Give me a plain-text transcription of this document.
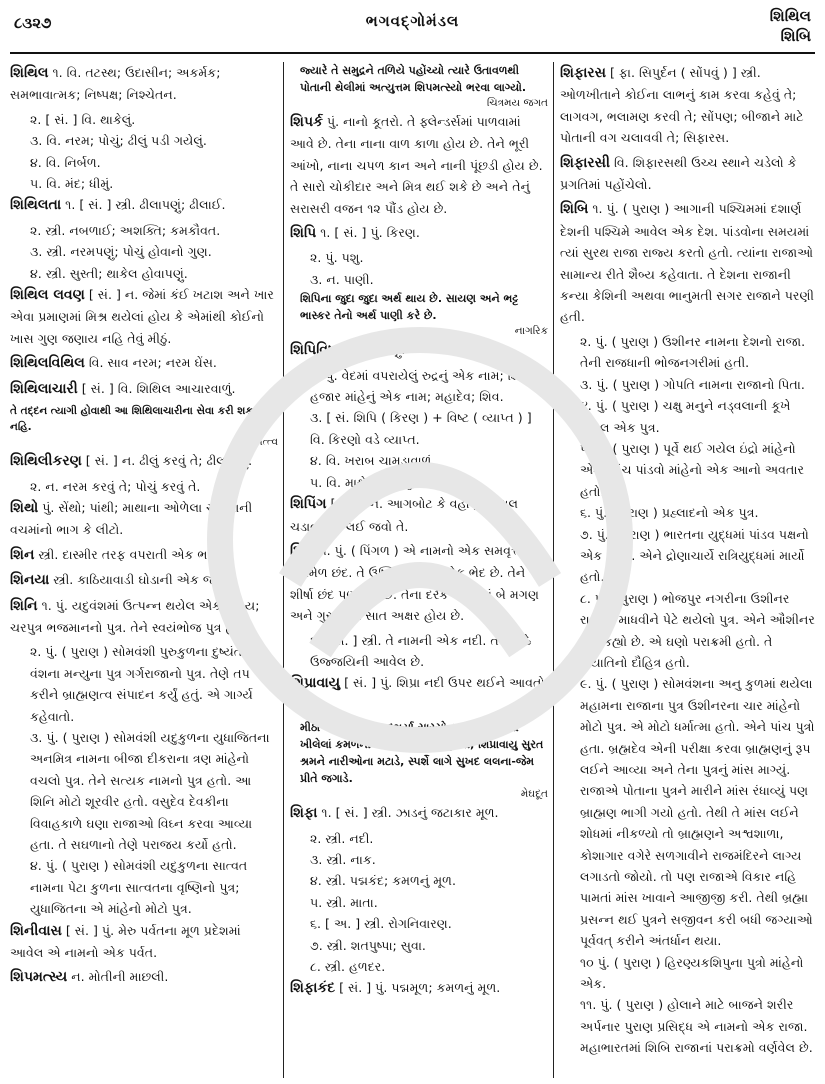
૮૩૨૭	ભગવદ્ગોમંડલ	શિથિલ
શિબિ

શિથિલ ૧. વિ. તટસ્થ; ઉદાસીન; અકર્મક; સમભાવાત્મક; નિષ્પક્ષ; નિશ્ચેતન.

૨. [ સં. ] વિ. થાકેલું.

૩. વિ. નરમ; પોચું; ઢીલું પડી ગયેલું.

૪. વિ. નિર્બળ.

૫. વિ. મંદ; ધીમું.

શિથિલતા ૧. [ સં. ] સ્ત્રી. ઢીલાપણું; ઢીલાઈ.

૨. સ્ત્રી. નબળાઈ; અશક્તિ; કમકૌવત.

૩. સ્ત્રી. નરમપણું; પોચું હોવાનો ગુણ.

૪. સ્ત્રી. સુસ્તી; થાકેલ હોવાપણું.

શિથિલ લવણ [ સં. ] ન. જેમાં કંઈ ખટાશ અને ખાર એવા પ્રમાણમાં મિશ્ર થયેલાં હોય કે એમાંથી કોઈનો ખાસ ગુણ જણાય નહિ તેવું મીઠું.

શિથિલવિથિલ વિ. સાવ નરમ; નરમ ઘેંસ.

શિથિલાચારી [ સં. ] વિ. શિથિલ આચારવાળું.

તે તદ્દન ત્યાગી હોવાથી આ શિથિલાચારીના સેવા કરી શકત નહિ.

પુરાતત્ત્વ

શિથિલીકરણ [ સં. ] ન. ઢીલું કરવું તે; ઢીલાપણું.

૨. ન. નરમ કરવું તે; પોચું કરવું તે.

શિથો પું. સેંથો; પાંથી; માથાના ઓળેલા ચોટલાની વચમાંનો ભાગ કે લીટો.

શિન સ્ત્રી. દાસ્મીર તરફ વપરાતી એક ભાષા.

શિનયા સ્ત્રી. કાઠિયાવાડી ઘોડાની એક જાત.

શિનિ ૧. પું. યદુવંશમાં ઉત્પન્ન થયેલ એક ક્ષત્રિય; ચરપુત્ર ભજમાનનો પુત્ર. તેને સ્વયંભોજ પુત્ર હતો.

૨. પું. ( પુરાણ ) સોમવંશી પુરુકુળના દુષ્યંતના વંશના મન્યુના પુત્ર ગર્ગરાજાનો પુત્ર. તેણે તપ કરીને બ્રાહ્મણત્વ સંપાદન કર્યું હતું. એ ગાર્ગ્ય કહેવાતો.

૩. પું. ( પુરાણ ) સોમવંશી યદુકુળના યુધાજિતના અનમિત્ર નામના બીજા દીકરાના ત્રણ માંહેનો વચલો પુત્ર. તેને સત્યક નામનો પુત્ર હતો. આ શિનિ મોટો શૂરવીર હતો. વસુદેવ દેવકીના વિવાહકાળે ઘણા રાજાઓ વિઘ્ન કરવા આવ્યા હતા. તે સઘળાનો તેણે પરાજય કર્યો હતો.

૪. પું. ( પુરાણ ) સોમવંશી યદુકુળના સાત્વત નામના પેટા કુળના સાત્વતના વૃષ્ણિનો પુત્ર; યુધાજિતના એ માંહેનો મોટો પુત્ર.

શિનીવાસ [ સં. ] પું. મેરુ પર્વતના મૂળ પ્રદેશમાં આવેલ એ નામનો એક પર્વત.

શિપમત્સ્ય ન. મોતીની માછલી.

જ્યારે તે સમુદ્રને તળિયે પહોંચ્યો ત્યારે ઉતાવળથી પોતાની થેલીમાં અત્યુત્તમ શિપમત્સ્યો ભરવા લાગ્યો.

ચિત્રમય જગત

શિપર્ક પું. નાનો કૂતરો. તે ફ્લેન્ડર્સમાં પાળવામાં આવે છે. તેના નાના વાળ કાળા હોય છે. તેને ભૂરી આંખો, નાના ચપળ કાન અને નાની પૂંછડી હોય છે. તે સારો ચોકીદાર અને મિત્ર થઈ શકે છે અને તેનું સરાસરી વજન ૧૨ પૌંડ હોય છે.

શિપિ ૧. [ સં. ] પું. કિરણ.

૨. પું. પશુ.

૩. ન. પાણી.

શિપિના જુદા જુદા અર્થ થાય છે. સાયણ અને ભટ્ટ ભાસ્કર તેનો અર્થ પાણી કરે છે.

નાગરિક

શિપિવિષ્ટ ૧. પું. વિષ્ણુ.

૨. પું. વેદમાં વપરાયેલું રુદ્રનું એક નામ; શિવનાં હજાર માંહેનું એક નામ; મહાદેવ; શિવ.

૩. [ સં. શિપિ ( કિરણ ) + વિષ્ટ ( વ્યાપ્ત ) ] વિ. કિરણો વડે વ્યાપ્ત.

૪. વિ. ખરાબ ચામડાવાળું.

૫. વિ. માથે ટાલવાળું; ટાલિયું.

શિપિંગ [ અં. ] ન. આગબોટ કે વહાણમાં માલ ચડાવવો કે લઈ જવો તે.

શિપ્રા ૧. પું. ( પિંગળ ) એ નામનો એક સમવૃત્ત વર્ણમેળ છંદ. તે ઉષ્ણિક છંદનો એક ભેદ છે. તેને શીર્ષા છંદ પણ કહે છે. તેના દરેક ચરણમાં બે મગણ અને ગુરુ મળી સાત અક્ષર હોય છે.

૨. [ સં. ] સ્ત્રી. તે નામની એક નદી. તેને કાંઠે ઉજ્જયિની આવેલ છે.

શિપ્રાવાયુ [ સં. ] પું. શિપ્રા નદી ઉપર થઈને આવતો વાયુ.

મીઠા ચોખ્ખા સ્વર મદભર્યા સારસોના પ્રસારી, જ્યાં ખીલેલાં કમળની રજે સ્પર્શથી થૈ સુગંધી; શિપ્રાવાયુ સુરત શ્રમને નારીઓના મટાડે, સ્પર્શે લાગે સુખદ લલના-જેમ પ્રીતે જગાડે.

મેઘદૂત

શિફા ૧. [ સં. ] સ્ત્રી. ઝાડનું જટાકાર મૂળ.

૨. સ્ત્રી. નદી.

૩. સ્ત્રી. નાક.

૪. સ્ત્રી. પદ્મકંદ; કમળનું મૂળ.

૫. સ્ત્રી. માતા.

૬. [ અ. ] સ્ત્રી. રોગનિવારણ.

૭. સ્ત્રી. શતપુષ્પા; સુવા.

૮. સ્ત્રી. હળદર.

શિફાકંદ [ સં. ] પું. પદ્મમૂળ; કમળનું મૂળ.

શિફારસ [ ફા. સિપુર્દન ( સોંપવું ) ] સ્ત્રી. ઓળખીતાને કોઈના લાભનું કામ કરવા કહેવું તે; લાગવગ, ભલામણ કરવી તે; સોંપણ; બીજાને માટે પોતાની વગ ચલાવવી તે; સિફારસ.

શિફારસી વિ. શિફારસથી ઉચ્ચ સ્થાને ચડેલો કે પ્રગતિમાં પહોંચેલો.

શિબિ ૧. પું. ( પુરાણ ) આગાની પશ્ચિમમાં દશાર્ણ દેશની પશ્ચિમે આવેલ એક દેશ. પાંડવોના સમયમાં ત્યાં સુરથ રાજા રાજ્ય કરતો હતો. ત્યાંના રાજાઓ સામાન્ય રીતે શૈબ્ય કહેવાતા. તે દેશના રાજાની કન્યા કેશિની અથવા ભાનુમતી સગર રાજાને પરણી હતી.

૨. પું. ( પુરાણ ) ઉશીનર નામના દેશનો રાજા. તેની રાજધાની ભોજનગરીમાં હતી.

૩. પું. ( પુરાણ ) ગોપતિ નામના રાજાનો પિતા.

૪. પું. ( પુરાણ ) ચક્ષુ મનુને નડ્વલાની કૂખે થયેલ એક પુત્ર.

૫. પું. ( પુરાણ ) પૂર્વે થઈ ગયેલ ઇંદ્રો માંહેનો એક. પાંચ પાંડવો માંહેનો એક આનો અવતાર હતો.

૬. પું. ( પુરાણ ) પ્રહ્લાદનો એક પુત્ર.

૭. પું. ( પુરાણ ) ભારતના યુદ્ધમાં પાંડવ પક્ષનો એક રાજા. એને દ્રોણાચાર્યે રાત્રિયુદ્ધમાં માર્યો હતો.

૮. પું. ( પુરાણ ) ભોજપુર નગરીના ઉશીનર રાજાને માધવીને પેટે થયેલો પુત્ર. એને ઔશીનર પણ કહ્યો છે. એ ઘણો પરાક્રમી હતો. તે યયાતિનો દૌહિત્ર હતો.

૯. પું. ( પુરાણ ) સોમવંશના અનુ કુળમાં થયેલા મહામના રાજાના પુત્ર ઉશીનરના ચાર માંહેનો મોટો પુત્ર. એ મોટો ધર્માત્મા હતો. એને પાંચ પુત્રો હતા. બ્રહ્મદેવ એની પરીક્ષા કરવા બ્રાહ્મણનું રૂપ લઈને આવ્યા અને તેના પુત્રનું માંસ માગ્યું. રાજાએ પોતાના પુત્રને મારીને માંસ રંધાવ્યું પણ બ્રાહ્મણ ભાગી ગયો હતો. તેથી તે માંસ લઈને શોધમાં નીકળ્યો તો બ્રાહ્મણને અશ્વશાળા, કોશાગાર વગેરે સળગાવીને રાજમંદિરને લાગ્ય લગાડતો જોયો. તો પણ રાજાએ વિકાર નહિ પામતાં માંસ ખાવાને આજીજી કરી. તેથી બ્રહ્મા પ્રસન્ન થઈ પુત્રને સજીવન કરી બધી જગ્યાઓ પૂર્વવત્ કરીને અંતર્ધાન થયા.

૧૦ પું. ( પુરાણ ) હિરણ્યકશિપુના પુત્રો માંહેનો એક.

૧૧. પું. ( પુરાણ ) હોલાને માટે બાજને શરીર અર્પનાર પુરાણ પ્રસિદ્ધ એ નામનો એક રાજા. મહાભારતમાં શિબિ રાજાનાં પરાક્રમો વર્ણવેલ છે.
